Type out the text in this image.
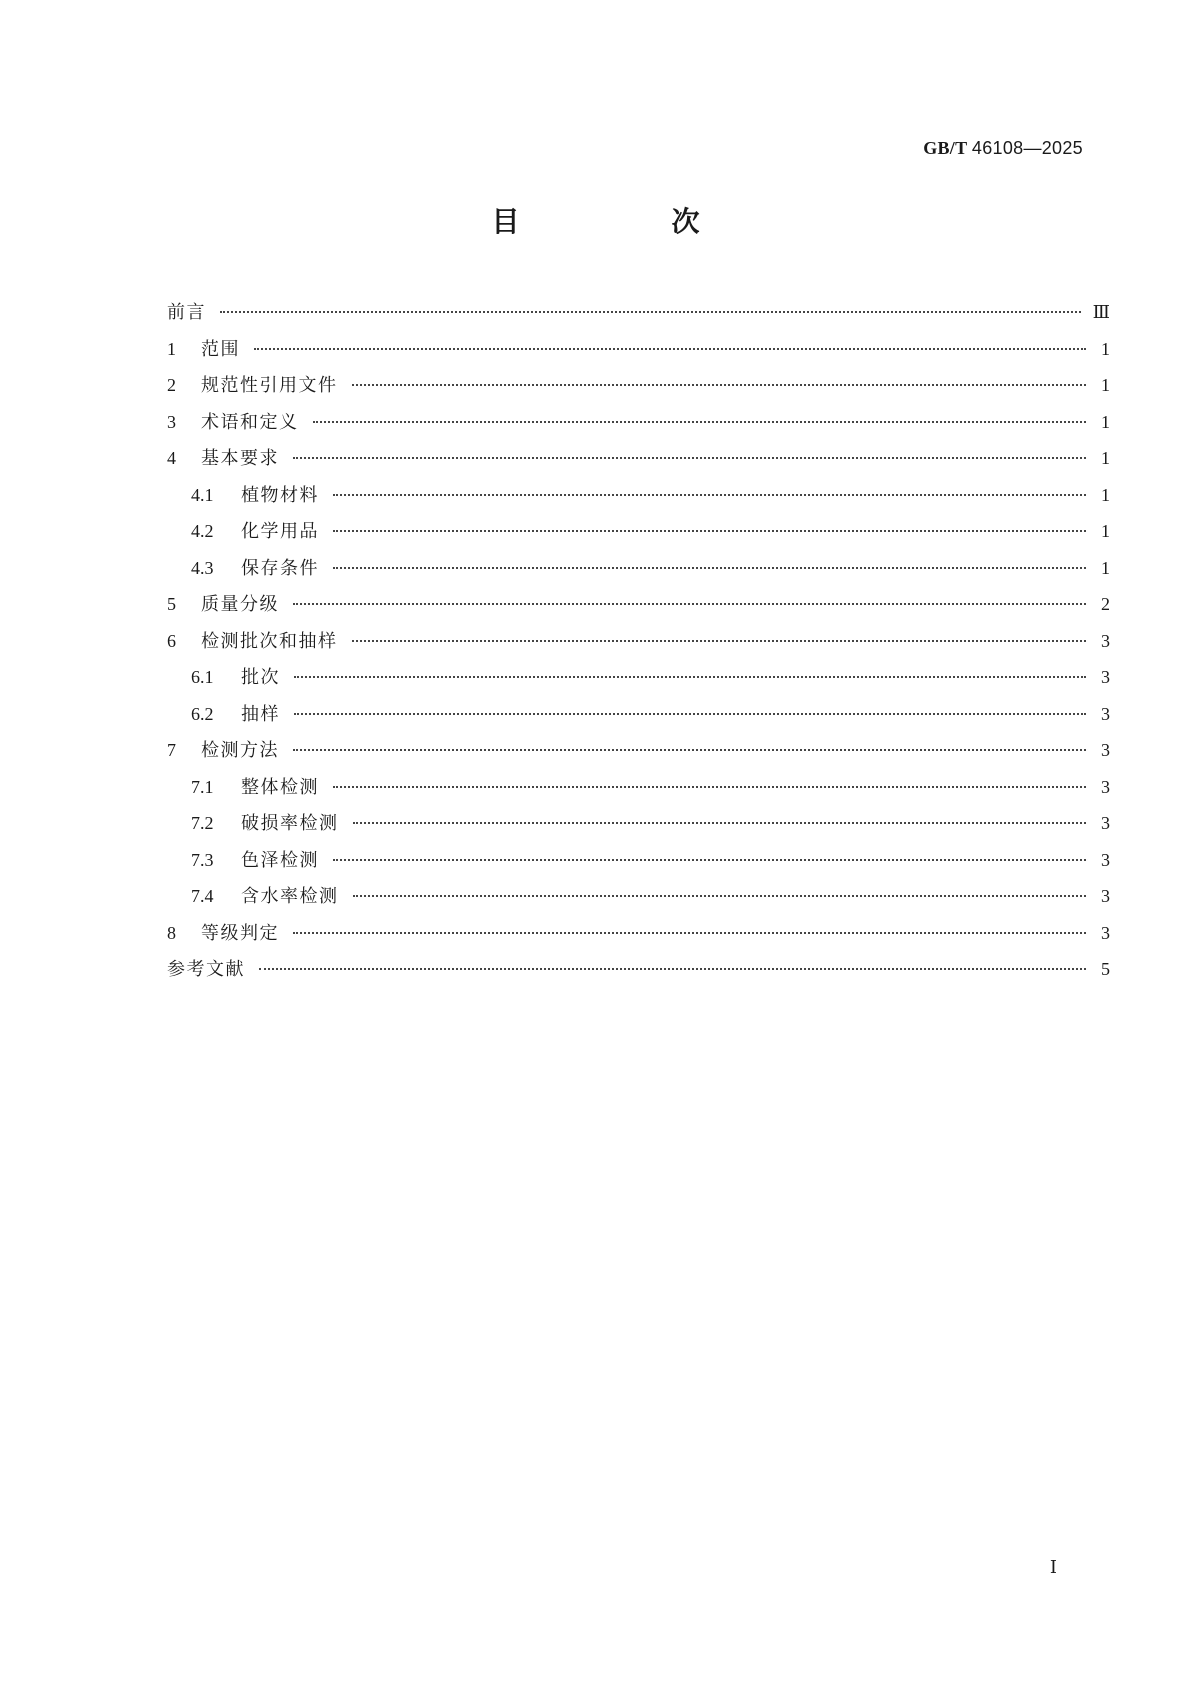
GB/T 46108—2025
目　次
前言	Ⅲ
1	范围	1
2	规范性引用文件	1
3	术语和定义	1
4	基本要求	1
4.1	植物材料	1
4.2	化学用品	1
4.3	保存条件	1
5	质量分级	2
6	检测批次和抽样	3
6.1	批次	3
6.2	抽样	3
7	检测方法	3
7.1	整体检测	3
7.2	破损率检测	3
7.3	色泽检测	3
7.4	含水率检测	3
8	等级判定	3
参考文献	5
Ⅰ
